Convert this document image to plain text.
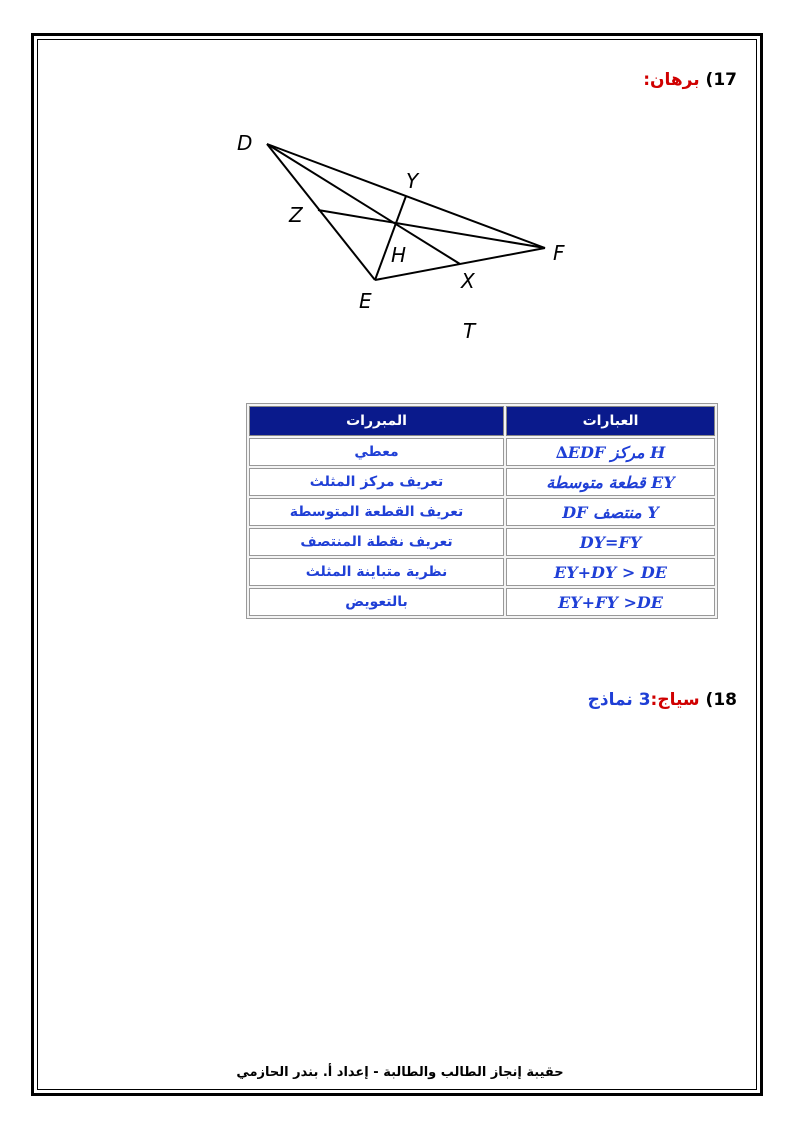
17) برهان:
D
Y
Z
H	F
X
E
T
العبارات	المبررات
H مركز EDF∆	معطي
EY قطعة متوسطة	تعريف مركز المثلث
Y منتصف DF	تعريف القطعة المتوسطة
DY=FY	تعريف نقطة المنتصف
EY+DY > DE	نظرية متباينة المثلث
EY+FY >DE	بالتعويض
18) سياج:3 نماذج
حقيبة إنجاز الطالب والطالبة - إعداد أ. بندر الحازمي
